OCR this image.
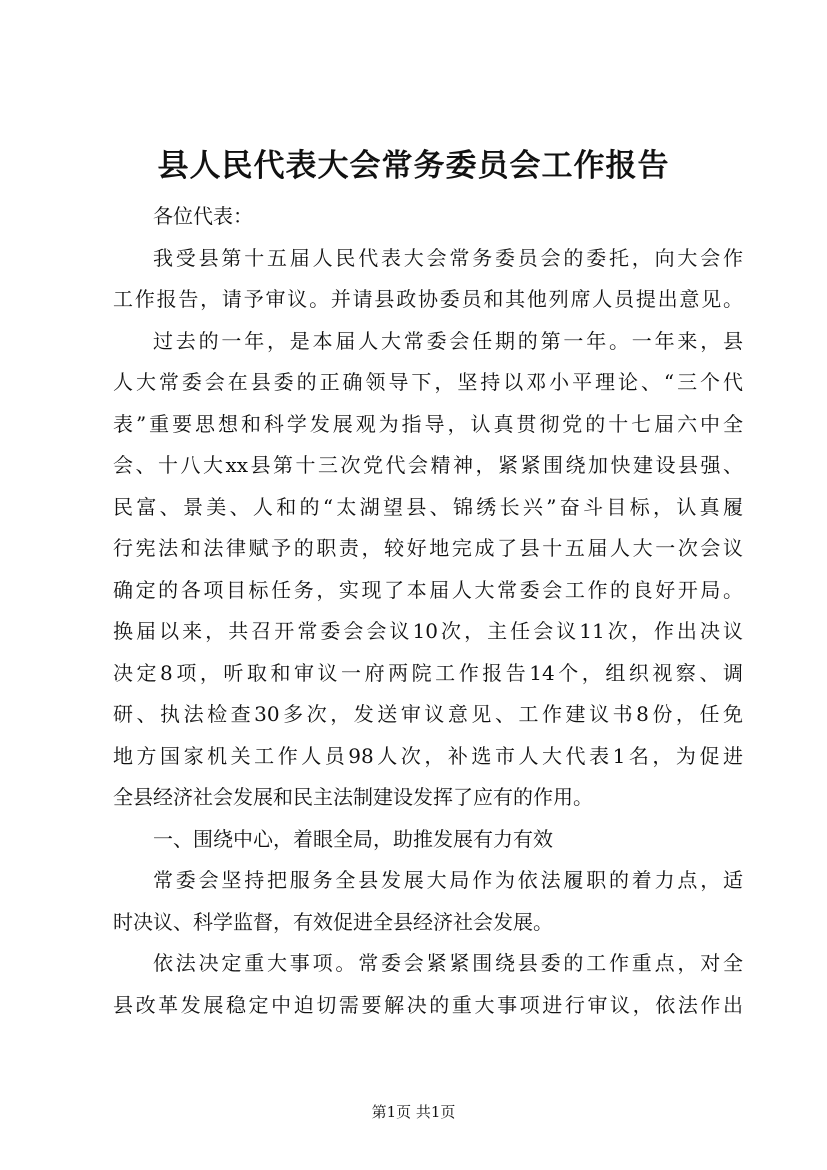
县人民代表大会常务委员会工作报告
各位代表：
我受县第十五届人民代表大会常务委员会的委托，向大会作
工作报告，请予审议。并请县政协委员和其他列席人员提出意见。
过去的一年，是本届人大常委会任期的第一年。一年来，县
人大常委会在县委的正确领导下，坚持以邓小平理论、“三个代
表”重要思想和科学发展观为指导，认真贯彻党的十七届六中全
会、十八大xx县第十三次党代会精神，紧紧围绕加快建设县强、
民富、景美、人和的“太湖望县、锦绣长兴”奋斗目标，认真履
行宪法和法律赋予的职责，较好地完成了县十五届人大一次会议
确定的各项目标任务，实现了本届人大常委会工作的良好开局。
换届以来，共召开常委会会议10次，主任会议11次，作出决议
决定8项，听取和审议一府两院工作报告14个，组织视察、调
研、执法检查30多次，发送审议意见、工作建议书8份，任免
地方国家机关工作人员98人次，补选市人大代表1名，为促进
全县经济社会发展和民主法制建设发挥了应有的作用。
一、围绕中心，着眼全局，助推发展有力有效
常委会坚持把服务全县发展大局作为依法履职的着力点，适
时决议、科学监督，有效促进全县经济社会发展。
依法决定重大事项。常委会紧紧围绕县委的工作重点，对全
县改革发展稳定中迫切需要解决的重大事项进行审议，依法作出
第1页 共1页
